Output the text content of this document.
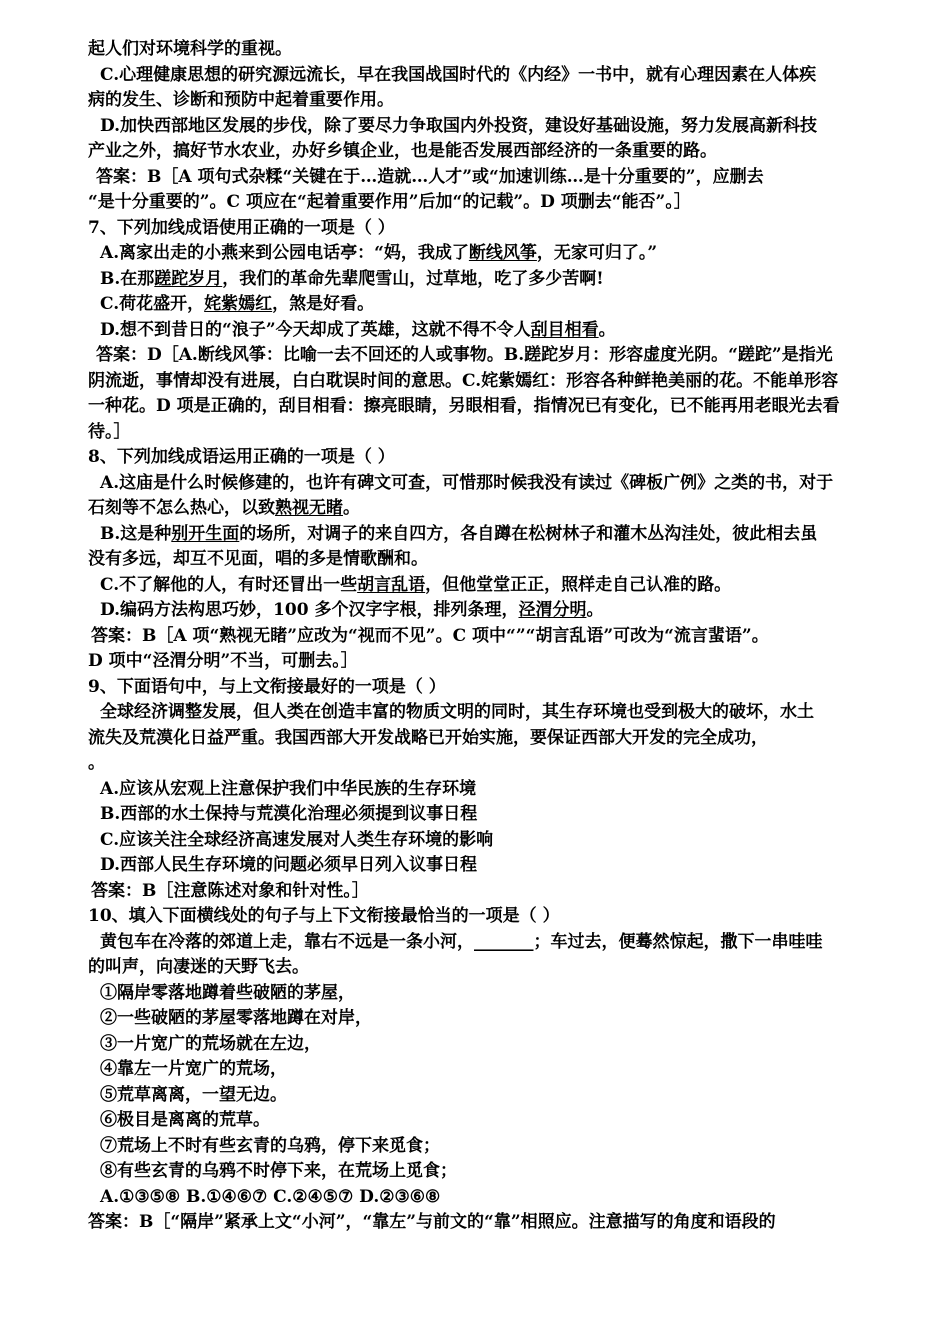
起人们对环境科学的重视。
C.心理健康思想的研究源远流长，早在我国战国时代的《内经》一书中，就有心理因素在人体疾
病的发生、诊断和预防中起着重要作用。
D.加快西部地区发展的步伐，除了要尽力争取国内外投资，建设好基础设施，努力发展高新科技
产业之外，搞好节水农业，办好乡镇企业，也是能否发展西部经济的一条重要的路。
答案：B［A 项句式杂糅“关键在于…造就…人才”或“加速训练…是十分重要的”，应删去
“是十分重要的”。C 项应在“起着重要作用”后加“的记载”。D 项删去“能否”。］
7、下列加线成语使用正确的一项是（ ）
A.离家出走的小燕来到公园电话亭：“妈，我成了断线风筝，无家可归了。”
B.在那蹉跎岁月，我们的革命先辈爬雪山，过草地，吃了多少苦啊!
C.荷花盛开，姹紫嫣红，煞是好看。
D.想不到昔日的“浪子”今天却成了英雄，这就不得不令人刮目相看。
答案：D［A.断线风筝：比喻一去不回还的人或事物。B.蹉跎岁月：形容虚度光阴。“蹉跎”是指光
阴流逝，事情却没有进展，白白耽误时间的意思。C.姹紫嫣红：形容各种鲜艳美丽的花。不能单形容
一种花。D 项是正确的，刮目相看：擦亮眼睛，另眼相看，指情况已有变化，已不能再用老眼光去看
待。］
8、下列加线成语运用正确的一项是（ ）
A.这庙是什么时候修建的，也许有碑文可查，可惜那时候我没有读过《碑板广例》之类的书，对于
石刻等不怎么热心，以致熟视无睹。
B.这是种别开生面的场所，对调子的来自四方，各自蹲在松树林子和灌木丛沟洼处，彼此相去虽
没有多远，却互不见面，唱的多是情歌酬和。
C.不了解他的人，有时还冒出一些胡言乱语，但他堂堂正正，照样走自己认准的路。
D.编码方法构思巧妙，100 多个汉字字根，排列条理，泾渭分明。
答案：B［A 项“熟视无睹”应改为“视而不见”。C 项中“”“胡言乱语”可改为“流言蜚语”。
D 项中“泾渭分明”不当，可删去。］
9、下面语句中，与上文衔接最好的一项是（ ）
全球经济调整发展，但人类在创造丰富的物质文明的同时，其生存环境也受到极大的破坏，水土
流失及荒漠化日益严重。我国西部大开发战略已开始实施，要保证西部大开发的完全成功，
。
A.应该从宏观上注意保护我们中华民族的生存环境
B.西部的水土保持与荒漠化治理必须提到议事日程
C.应该关注全球经济高速发展对人类生存环境的影响
D.西部人民生存环境的问题必须早日列入议事日程
答案：B［注意陈述对象和针对性。］
10、填入下面横线处的句子与上下文衔接最恰当的一项是（ ）
黄包车在冷落的郊道上走，靠右不远是一条小河，_______；车过去，便蓦然惊起，撒下一串哇哇
的叫声，向凄迷的天野飞去。
①隔岸零落地蹲着些破陋的茅屋，
②一些破陋的茅屋零落地蹲在对岸，
③一片宽广的荒场就在左边，
④靠左一片宽广的荒场，
⑤荒草离离，一望无边。
⑥极目是离离的荒草。
⑦荒场上不时有些玄青的乌鸦，停下来觅食；
⑧有些玄青的乌鸦不时停下来，在荒场上觅食；
A.①③⑤⑧ B.①④⑥⑦ C.②④⑤⑦ D.②③⑥⑧
答案：B［“隔岸”紧承上文“小河”，“靠左”与前文的“靠”相照应。注意描写的角度和语段的
